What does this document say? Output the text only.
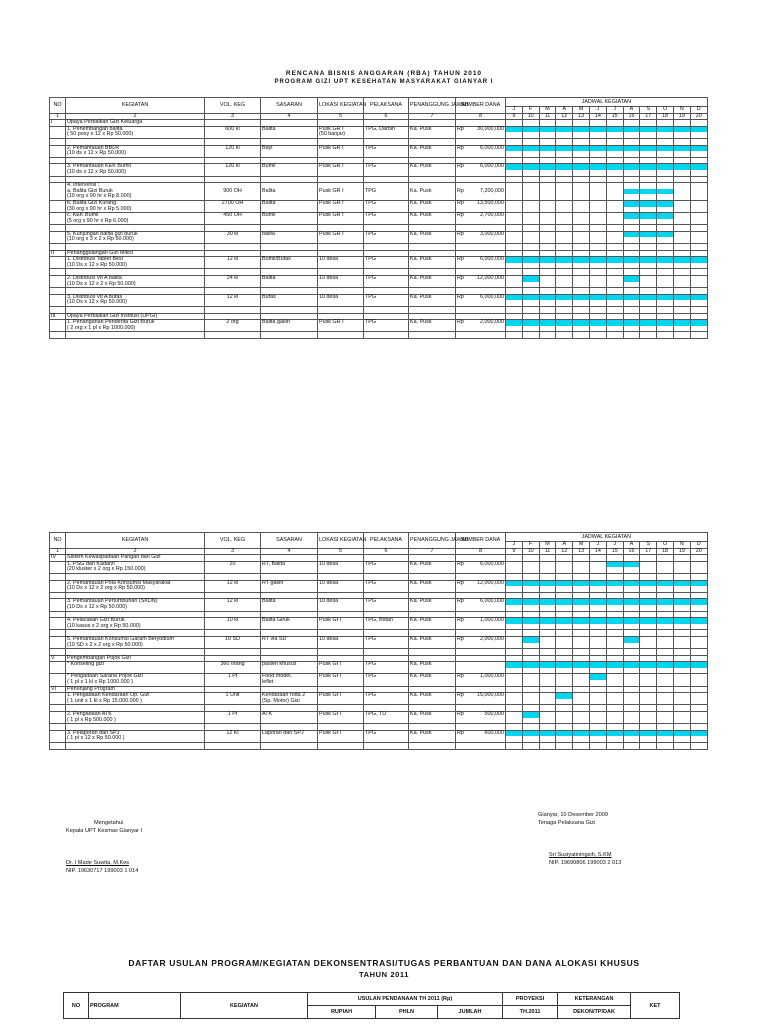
RENCANA BISNIS ANGGARAN (RBA) TAHUN 2010
PROGRAM GIZI UPT KESEHATAN MASYARAKAT GIANYAR I
NO	KEGIATAN	VOL. KEG	SASARAN	LOKASI KEGIATAN	PELAKSANA	PENANGGUNG JAWAB	SUMBER DANA	JADWAL KEGIATAN											
								J	F	M	A	M	J	J	A	S	O	N	D
1	2	3	4	5	6	7	8	9	10	11	12	13	14	15	16	17	18	19	20
I	Upaya Perbaikan Gizi Keluarga																		
	1. Penembangan balita	600 kl	Balita	Pusk GR I	TPG, Darbin	Ka. Pusk	Rp 30,000,000												

	( 50 posy x 12 x Rp 50.000)			(50 banjar)															

	2. Pemantauan BBLR	120 kl	Bayi	Pusk GR I	TPG	Ka. Pusk	Rp 6,000,000												

	(10 ds x 12 x Rp 50.000)																		

	3. Pemantauan KEK Bumil	120 kl	Bumil	Pusk GR I	TPG	Ka. Pusk	Rp 6,000,000												

	(10 ds x 12 x Rp 50.000)																		

	4. Intervensi :																		
	a. Balita Gizi Buruk	900 OH	Balita	Pusk GR I	TPG	Ka. Pusk	Rp 7,200,000												

	(10 org x 90 hr x Rp 8.000)																		
	b. Balita Gizi Kurang	2700 OH	Balita	Pusk GR I	TPG	Ka. Pusk	Rp 13,500,000												

	(30 org x 90 hr x Rp 5.000)																		
	c. KEK Bumil	450 OH	Bumil	Pusk GR I	TPG	Ka. Pusk	Rp 2,700,000												

	(5 org x 90 hr x Rp 6.000)																		

	5. Kunjungan balita gizi buruk	30 kl	balita	Pusk GR I	TPG	Ka. Pusk	Rp 3,000,000												

	(10 org x 3 x 2 x Rp 50.000)																		

II	Penanggulangan Gizi Mikro																		
	1. Distribusi Tablet Besi	12 kl	Bumil/Bufas	10 desa	TPG	Ka. Pusk	Rp 6,000,000												

	(10 Ds x 12 x Rp 50.000)																		

	2. Distribusi Vit A balita	24 kl	Balita	10 desa	TPG	Ka. Pusk	Rp 12,000,000												

	(10 Ds x 12 x 2 x Rp 50.000)																		

	3. Distribusi Vit A bufas	12 kl	Bufas	10 desa	TPG	Ka. Pusk	Rp 6,000,000												

	(10 Ds x 12 x Rp 50.000)																		

III	Upaya Perbaikan Gizi Institusi (UPGI)																		
	1. Penanganan Penderita Gizi Buruk	2 org	Balita gakin	Pusk GR I	TPG	Ka. Pusk	Rp 2,000,000												

	( 2 org x 1 pl x Rp 1000.000)																		

NO	KEGIATAN	VOL. KEG	SASARAN	LOKASI KEGIATAN	PELAKSANA	PENANGGUNG JAWAB	SUMBER DANA	JADWAL KEGIATAN											
								J	F	M	A	M	J	J	A	S	O	N	D
1	2	3	4	5	6	7	8	9	10	11	12	13	14	15	16	17	18	19	20
IV	Sistem Kewaspadaan Pangan dan Gizi																		
	1. PSG dan Kadarzi	20	RT, Balita	10 desa	TPG	Ka. Pusk	Rp 6,000,000												

	(20 kluster x 2 org x Rp 150.000)																		

	2. Pemantauan Pola Konsumsi Masyarakat	12 kl	RT gakin	10 desa	TPG	Ka. Pusk	Rp 12,000,000												

	(10 Ds x 12 x 2 org x Rp 50.000)																		

	3. Pemantauan Pertumbuhan (SKDN)	12 kl	Balita	10 desa	TPG	Ka. Pusk	Rp 6,000,000												

	(10 Ds x 12 x Rp 50.000)																		

	4. Pelacakan Gizi Buruk	10 kl	Balita Giruk	Pusk Gr I	TPG, Bidan	Ka. Pusk	Rp 1,000,000												

	(10 kasus x 2 org x Rp 50.000)																		

	5. Pemantauan Konsumsi Garam Beryodium	10 SD	RT via SD	10 desa	TPG	Ka. Pusk	Rp 2,000,000												

	(10 SD x 2 x 2 org x Rp 50.000)																		

V	Pengembangan Pojok Gizi																		
	* Konseling gizi	360 orang	pasien khusus	Pusk Gr I	TPG	Ka. Pusk													

	* Pengadaan Sarana Pojok Gizi	1 Pt	Food model,	Pusk Gr I	TPG	Ka. Pusk	Rp 1,000,000												

	( 1 pl x 1 kl x Rp 1000.000 )		leflet																
VI	Penunjang Program																		
	1. Pengadaan Kendaraan Op. Gizi	1 Unit	Kendaraan roda 2	Pusk Gr I	TPG	Ka. Pusk	Rp 15,000,000												

	( 1 unit x 1 kl x Rp 15.000.000 )		(Sp. Motor) Gizi																

	2. Pengadaan ATK	1 Pt	ATK	Pusk Gr I	TPG, TU	Ka. Pusk	Rp 500,000												

	( 1 pl x Rp 500.000 )																		

	3. Pelaporan dan SPJ	12 Kl	Laporan dan SPJ	Pusk Gr I	TPG	Ka. Pusk	Rp 600,000												

	( 1 pl x 12 x Rp 50.000 )																		

Gianyar, 10 Desember 2009
Tenaga Pelaksana Gizi
Mengetahui
Kepala UPT Kesmas Gianyar I
Sri Susiyatiningsih, S.KM
NIP. 19690806 199003 2 013
Dr. I Made Suwita, M.Kes
NIP. 19630717 199003 1 014
DAFTAR USULAN PROGRAM/KEGIATAN DEKONSENTRASI/TUGAS PERBANTUAN DAN DANA ALOKASI KHUSUS
TAHUN 2011
NO	PROGRAM	KEGIATAN	USULAN PENDANAAN TH 2011 (Rp)			PROYEKSI	KETERANGAN	KET
			RUPIAH	PHLN	JUMLAH	TH.2011	DEKON/TP/DAK	
